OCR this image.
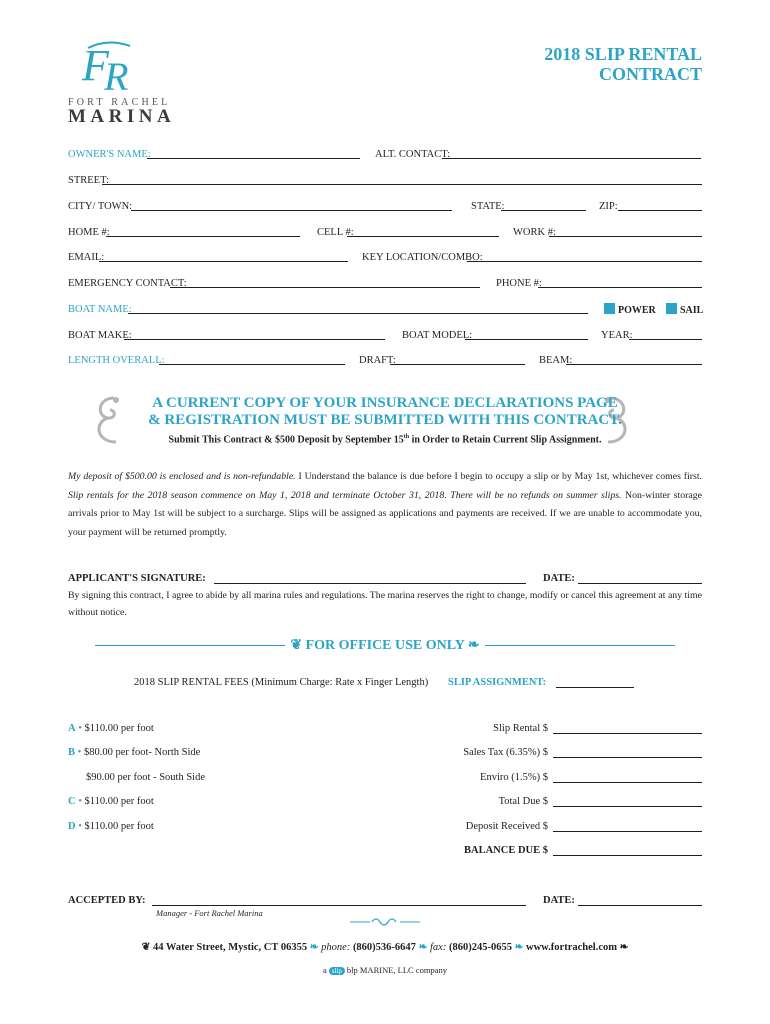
F
R
FORT RACHEL
MARINA
2018 SLIP RENTAL
CONTRACT
OWNER'S NAME:	ALT. CONTACT:
STREET:
CITY/ TOWN:	STATE:	ZIP:
HOME #:	CELL #:	WORK #:
EMAIL:	KEY LOCATION/COMBO:
EMERGENCY CONTACT:	PHONE #:
BOAT NAME:	POWER	SAIL
BOAT MAKE:	BOAT MODEL:	YEAR:
LENGTH OVERALL:	DRAFT:	BEAM:
A CURRENT COPY OF YOUR INSURANCE DECLARATIONS PAGE
& REGISTRATION MUST BE SUBMITTED WITH THIS CONTRACT.
Submit This Contract & $500 Deposit by September 15th in Order to Retain Current Slip Assignment.
My deposit of $500.00 is enclosed and is non-refundable. I Understand the balance is due before I begin to occupy a slip or by May 1st, whichever comes first. Slip rentals for the 2018 season commence on May 1, 2018 and terminate October 31, 2018. There will be no refunds on summer slips. Non-winter storage arrivals prior to May 1st will be subject to a surcharge. Slips will be assigned as applications and payments are received. If we are unable to accommodate you, your payment will be returned promptly.
APPLICANT'S SIGNATURE:	DATE:
By signing this contract, I agree to abide by all marina rules and regulations. The marina reserves the right to change, modify or cancel this agreement at any time without notice.
❦ FOR OFFICE USE ONLY ❧
2018 SLIP RENTAL FEES (Minimum Charge: Rate x Finger Length) SLIP ASSIGNMENT:
A • $110.00 per foot
B • $80.00 per foot- North Side
$90.00 per foot - South Side
C • $110.00 per foot
D • $110.00 per foot
Slip Rental $
Sales Tax (6.35%) $
Enviro (1.5%) $
Total Due $
Deposit Received $
BALANCE DUE $
ACCEPTED BY:	DATE:
Manager - Fort Rachel Marina
❦ 44 Water Street, Mystic, CT 06355 ❧ phone: (860)536-6647 ❧ fax: (860)245-0655 ❧ www.fortrachel.com ❧
a slip blp MARINE, LLC company
